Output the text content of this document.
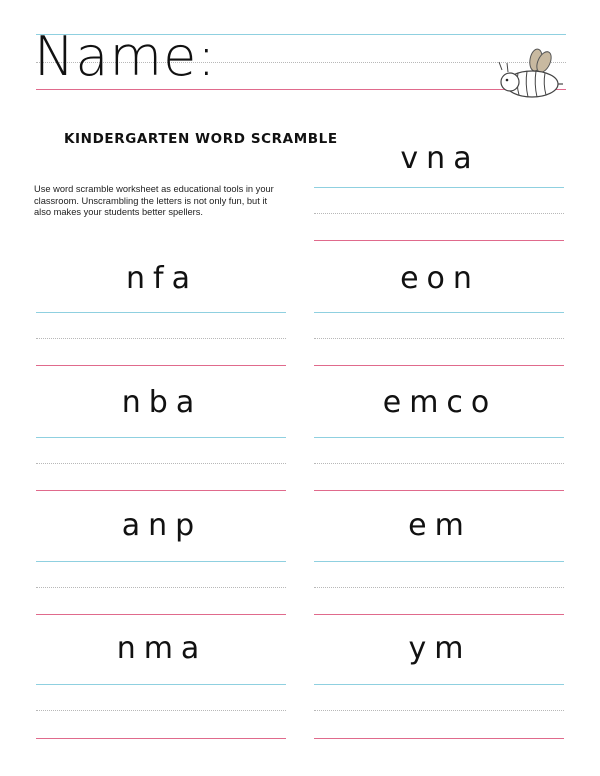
Name:
KINDERGARTEN WORD SCRAMBLE
Use word scramble worksheet as educational tools in your classroom. Unscrambling the letters is not only fun, but it also makes your students better spellers.
nfa
nba
anp
nma
vna
eon
emco
em
ym
